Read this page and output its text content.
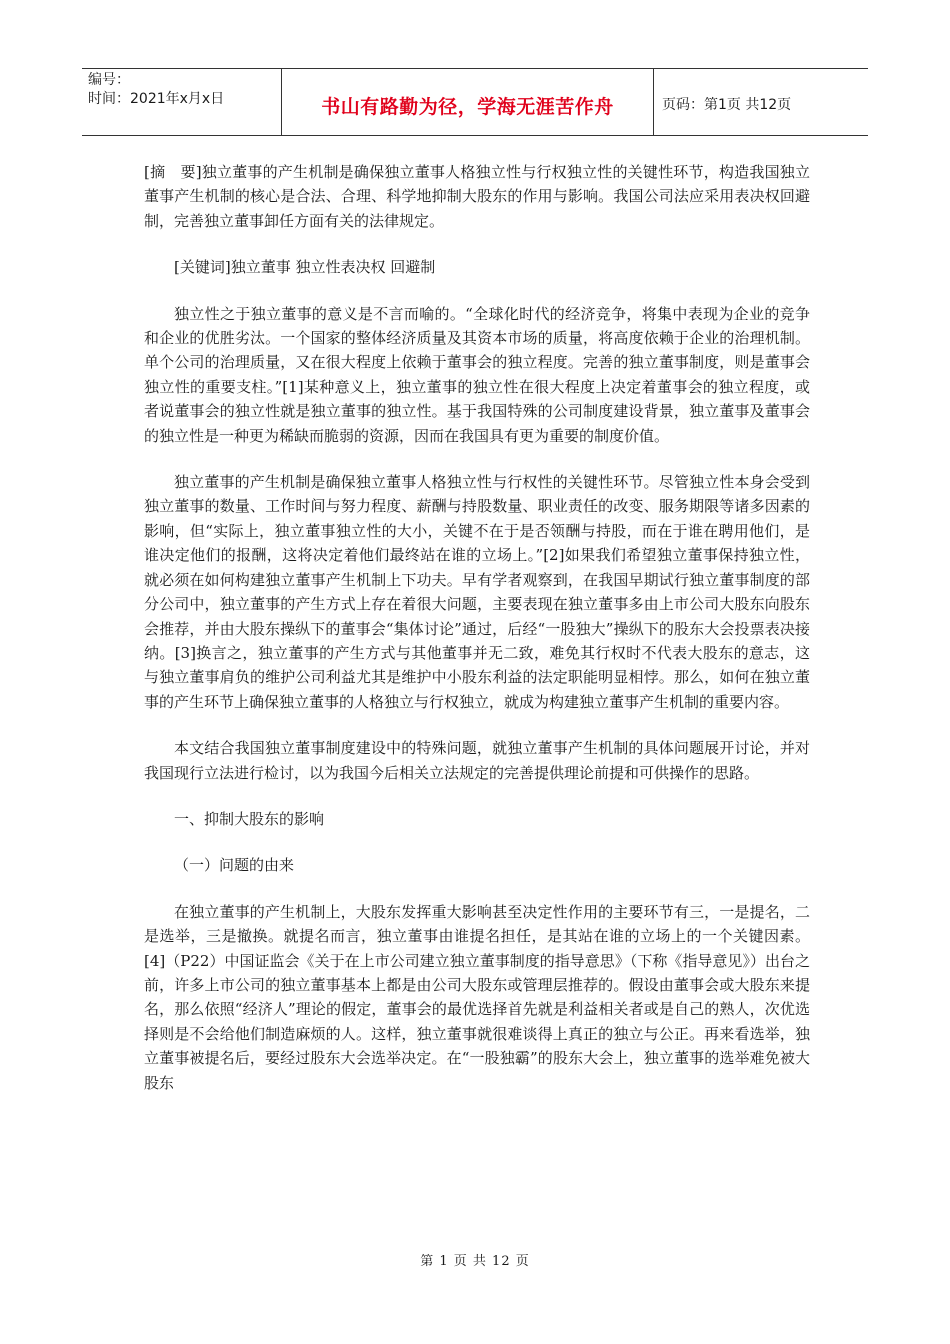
编号：
时间：2021年x月x日	书山有路勤为径，学海无涯苦作舟	页码：第1页 共12页

[摘　要]独立董事的产生机制是确保独立董事人格独立性与行权独立性的关键性环节，构造我国独立董事产生机制的核心是合法、合理、科学地抑制大股东的作用与影响。我国公司法应采用表决权回避制，完善独立董事卸任方面有关的法律规定。

[关键词]独立董事 独立性表决权 回避制

独立性之于独立董事的意义是不言而喻的。“全球化时代的经济竞争，将集中表现为企业的竞争和企业的优胜劣汰。一个国家的整体经济质量及其资本市场的质量，将高度依赖于企业的治理机制。单个公司的治理质量，又在很大程度上依赖于董事会的独立程度。完善的独立董事制度，则是董事会独立性的重要支柱。”[1]某种意义上，独立董事的独立性在很大程度上决定着董事会的独立程度，或者说董事会的独立性就是独立董事的独立性。基于我国特殊的公司制度建设背景，独立董事及董事会的独立性是一种更为稀缺而脆弱的资源，因而在我国具有更为重要的制度价值。

独立董事的产生机制是确保独立董事人格独立性与行权性的关键性环节。尽管独立性本身会受到独立董事的数量、工作时间与努力程度、薪酬与持股数量、职业责任的改变、服务期限等诸多因素的影响，但“实际上，独立董事独立性的大小，关键不在于是否领酬与持股，而在于谁在聘用他们，是谁决定他们的报酬，这将决定着他们最终站在谁的立场上。”[2]如果我们希望独立董事保持独立性，就必须在如何构建独立董事产生机制上下功夫。早有学者观察到，在我国早期试行独立董事制度的部分公司中，独立董事的产生方式上存在着很大问题，主要表现在独立董事多由上市公司大股东向股东会推荐，并由大股东操纵下的董事会“集体讨论”通过，后经“一股独大”操纵下的股东大会投票表决接纳。[3]换言之，独立董事的产生方式与其他董事并无二致，难免其行权时不代表大股东的意志，这与独立董事肩负的维护公司利益尤其是维护中小股东利益的法定职能明显相悖。那么，如何在独立董事的产生环节上确保独立董事的人格独立与行权独立，就成为构建独立董事产生机制的重要内容。

本文结合我国独立董事制度建设中的特殊问题，就独立董事产生机制的具体问题展开讨论，并对我国现行立法进行检讨，以为我国今后相关立法规定的完善提供理论前提和可供操作的思路。

一、抑制大股东的影响

（一）问题的由来

在独立董事的产生机制上，大股东发挥重大影响甚至决定性作用的主要环节有三，一是提名，二是选举，三是撤换。就提名而言，独立董事由谁提名担任，是其站在谁的立场上的一个关键因素。[4]（P22）中国证监会《关于在上市公司建立独立董事制度的指导意思》（下称《指导意见》）出台之前，许多上市公司的独立董事基本上都是由公司大股东或管理层推荐的。假设由董事会或大股东来提名，那么依照“经济人”理论的假定，董事会的最优选择首先就是利益相关者或是自己的熟人，次优选择则是不会给他们制造麻烦的人。这样，独立董事就很难谈得上真正的独立与公正。再来看选举，独立董事被提名后，要经过股东大会选举决定。在“一股独霸”的股东大会上，独立董事的选举难免被大股东

第 1 页 共 12 页
